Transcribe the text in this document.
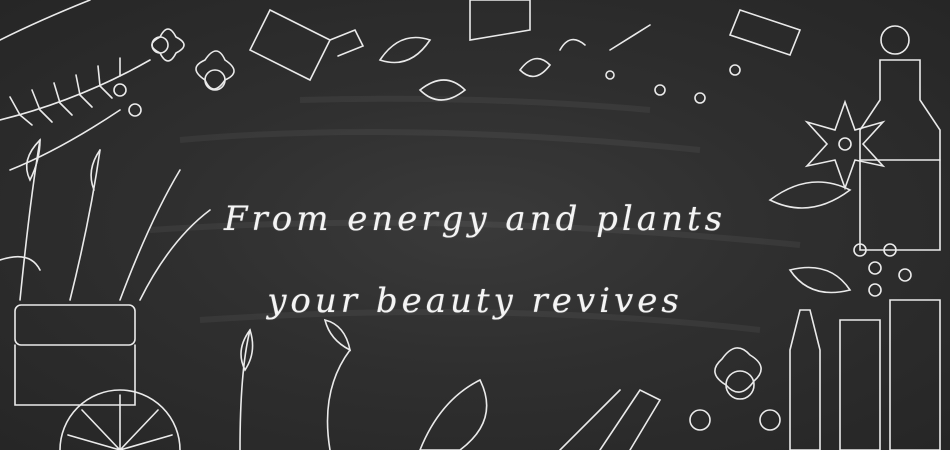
From energy and plants
your beauty revives
